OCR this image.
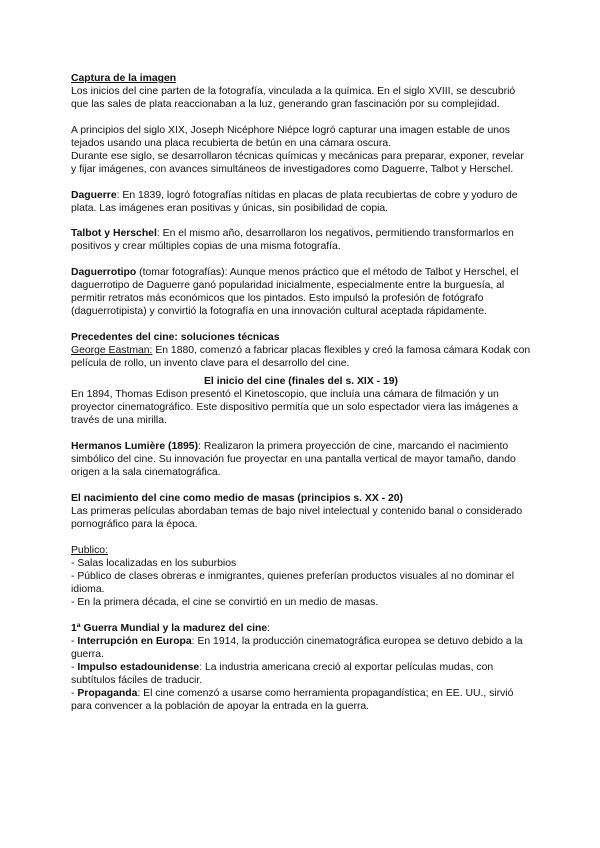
Captura de la imagen

Los inicios del cine parten de la fotografía, vinculada a la química. En el siglo XVIII, se descubrió que las sales de plata reaccionaban a la luz, generando gran fascinación por su complejidad.

A principios del siglo XIX, Joseph Nicéphore Niépce logró capturar una imagen estable de unos tejados usando una placa recubierta de betún en una cámara oscura.

Durante ese siglo, se desarrollaron técnicas químicas y mecánicas para preparar, exponer, revelar y fijar imágenes, con avances simultáneos de investigadores como Daguerre, Talbot y Herschel.

Daguerre: En 1839, logró fotografías nítidas en placas de plata recubiertas de cobre y yoduro de plata. Las imágenes eran positivas y únicas, sin posibilidad de copia.

Talbot y Herschel: En el mismo año, desarrollaron los negativos, permitiendo transformarlos en positivos y crear múltiples copias de una misma fotografía.

Daguerrotipo (tomar fotografías): Aunque menos práctico que el método de Talbot y Herschel, el daguerrotipo de Daguerre ganó popularidad inicialmente, especialmente entre la burguesía, al permitir retratos más económicos que los pintados. Esto impulsó la profesión de fotógrafo (daguerrotipista) y convirtió la fotografía en una innovación cultural aceptada rápidamente.

Precedentes del cine: soluciones técnicas

George Eastman: En 1880, comenzó a fabricar placas flexibles y creó la famosa cámara Kodak con película de rollo, un invento clave para el desarrollo del cine.

El inicio del cine (finales del s. XIX - 19)

En 1894, Thomas Edison presentó el Kinetoscopio, que incluía una cámara de filmación y un proyector cinematográfico. Este dispositivo permitía que un solo espectador viera las imágenes a través de una mirilla.

Hermanos Lumière (1895): Realizaron la primera proyección de cine, marcando el nacimiento simbólico del cine. Su innovación fue proyectar en una pantalla vertical de mayor tamaño, dando origen a la sala cinematográfica.

El nacimiento del cine como medio de masas (principios s. XX - 20)

Las primeras películas abordaban temas de bajo nivel intelectual y contenido banal o considerado pornográfico para la época.

Publico:

- Salas localizadas en los suburbios

- Público de clases obreras e inmigrantes, quienes preferían productos visuales al no dominar el idioma.

- En la primera década, el cine se convirtió en un medio de masas.

1ª Guerra Mundial y la madurez del cine:

- Interrupción en Europa: En 1914, la producción cinematográfica europea se detuvo debido a la guerra.

- Impulso estadounidense: La industria americana creció al exportar películas mudas, con subtítulos fáciles de traducir.

- Propaganda: El cine comenzó a usarse como herramienta propagandística; en EE. UU., sirvió para convencer a la población de apoyar la entrada en la guerra.
